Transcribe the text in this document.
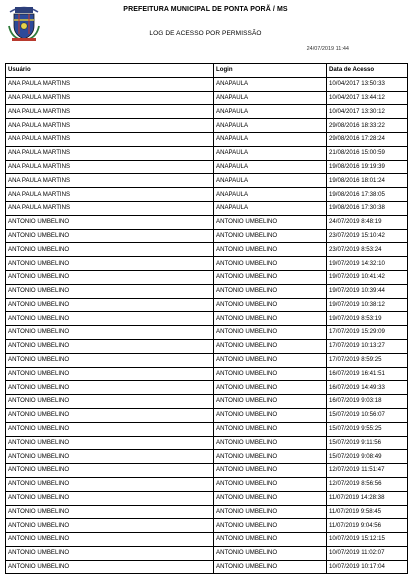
PREFEITURA MUNICIPAL DE PONTA PORÃ / MS
LOG DE ACESSO POR PERMISSÃO
24/07/2019 11:44
Usuário	Login	Data de Acesso
ANA PAULA MARTINS	ANAPAULA	10/04/2017 13:50:33
ANA PAULA MARTINS	ANAPAULA	10/04/2017 13:44:12
ANA PAULA MARTINS	ANAPAULA	10/04/2017 13:30:12
ANA PAULA MARTINS	ANAPAULA	29/08/2016 18:33:22
ANA PAULA MARTINS	ANAPAULA	29/08/2016 17:28:24
ANA PAULA MARTINS	ANAPAULA	21/08/2016 15:00:59
ANA PAULA MARTINS	ANAPAULA	19/08/2016 19:19:39
ANA PAULA MARTINS	ANAPAULA	19/08/2016 18:01:24
ANA PAULA MARTINS	ANAPAULA	19/08/2016 17:38:05
ANA PAULA MARTINS	ANAPAULA	19/08/2016 17:30:38
ANTONIO UMBELINO	ANTONIO UMBELINO	24/07/2019 8:48:19
ANTONIO UMBELINO	ANTONIO UMBELINO	23/07/2019 15:10:42
ANTONIO UMBELINO	ANTONIO UMBELINO	23/07/2019 8:53:24
ANTONIO UMBELINO	ANTONIO UMBELINO	19/07/2019 14:32:10
ANTONIO UMBELINO	ANTONIO UMBELINO	19/07/2019 10:41:42
ANTONIO UMBELINO	ANTONIO UMBELINO	19/07/2019 10:39:44
ANTONIO UMBELINO	ANTONIO UMBELINO	19/07/2019 10:38:12
ANTONIO UMBELINO	ANTONIO UMBELINO	19/07/2019 8:53:19
ANTONIO UMBELINO	ANTONIO UMBELINO	17/07/2019 15:29:09
ANTONIO UMBELINO	ANTONIO UMBELINO	17/07/2019 10:13:27
ANTONIO UMBELINO	ANTONIO UMBELINO	17/07/2019 8:59:25
ANTONIO UMBELINO	ANTONIO UMBELINO	16/07/2019 16:41:51
ANTONIO UMBELINO	ANTONIO UMBELINO	16/07/2019 14:49:33
ANTONIO UMBELINO	ANTONIO UMBELINO	16/07/2019 9:03:18
ANTONIO UMBELINO	ANTONIO UMBELINO	15/07/2019 10:56:07
ANTONIO UMBELINO	ANTONIO UMBELINO	15/07/2019 9:55:25
ANTONIO UMBELINO	ANTONIO UMBELINO	15/07/2019 9:11:56
ANTONIO UMBELINO	ANTONIO UMBELINO	15/07/2019 9:08:49
ANTONIO UMBELINO	ANTONIO UMBELINO	12/07/2019 11:51:47
ANTONIO UMBELINO	ANTONIO UMBELINO	12/07/2019 8:56:56
ANTONIO UMBELINO	ANTONIO UMBELINO	11/07/2019 14:28:38
ANTONIO UMBELINO	ANTONIO UMBELINO	11/07/2019 9:58:45
ANTONIO UMBELINO	ANTONIO UMBELINO	11/07/2019 9:04:56
ANTONIO UMBELINO	ANTONIO UMBELINO	10/07/2019 15:12:15
ANTONIO UMBELINO	ANTONIO UMBELINO	10/07/2019 11:02:07
ANTONIO UMBELINO	ANTONIO UMBELINO	10/07/2019 10:17:04
